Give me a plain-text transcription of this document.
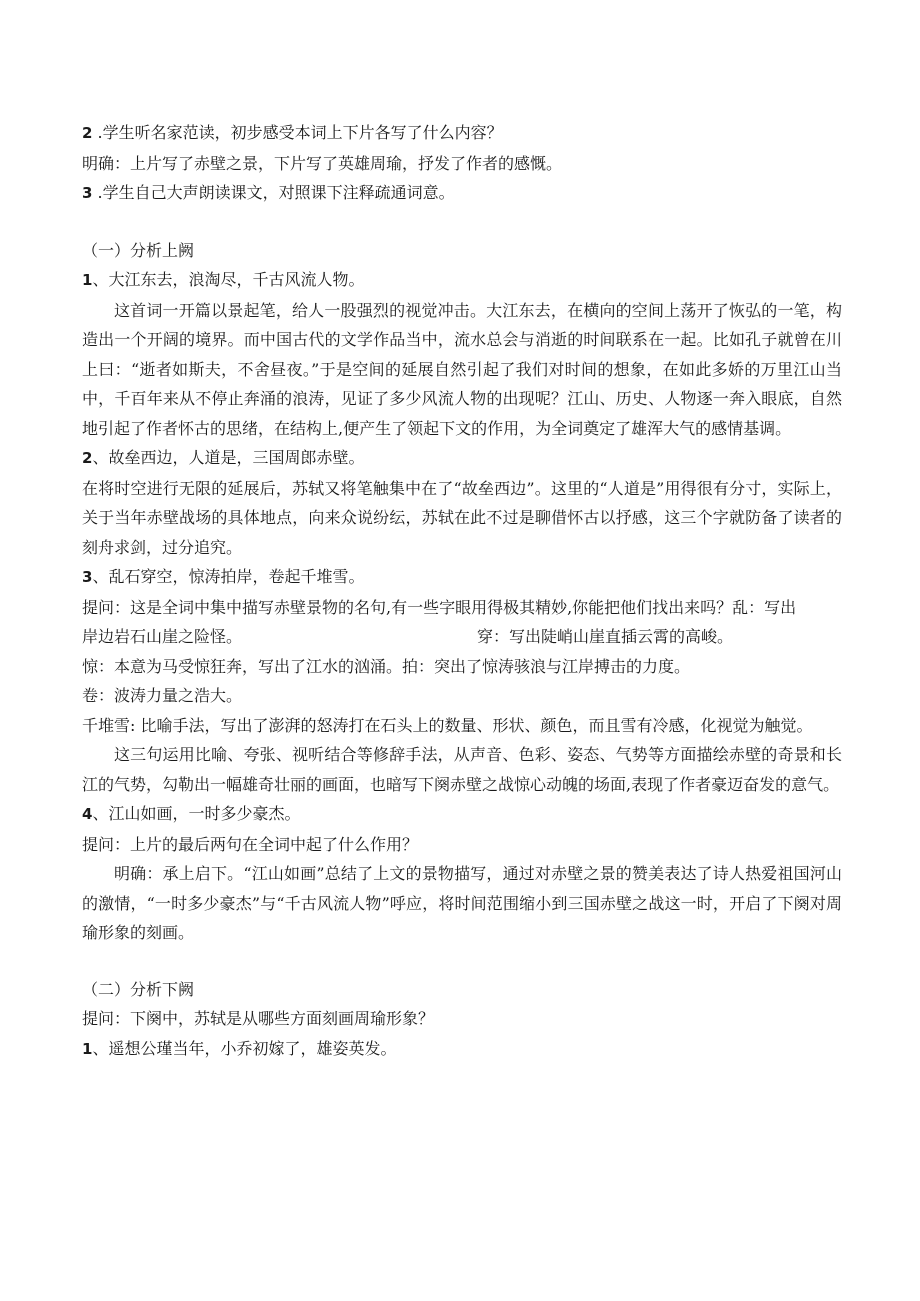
2 .学生听名家范读，初步感受本词上下片各写了什么内容？

明确：上片写了赤壁之景，下片写了英雄周瑜，抒发了作者的感慨。

3 .学生自己大声朗读课文，对照课下注释疏通词意。

（一）分析上阙

1、大江东去，浪淘尽，千古风流人物。

这首词一开篇以景起笔，给人一股强烈的视觉冲击。大江东去，在横向的空间上荡开了恢弘的一笔，构造出一个开阔的境界。而中国古代的文学作品当中，流水总会与消逝的时间联系在一起。比如孔子就曾在川上曰：“逝者如斯夫，不舍昼夜。”于是空间的延展自然引起了我们对时间的想象，在如此多娇的万里江山当中，千百年来从不停止奔涌的浪涛，见证了多少风流人物的出现呢？江山、历史、人物逐一奔入眼底，自然地引起了作者怀古的思绪，在结构上,便产生了领起下文的作用，为全词奠定了雄浑大气的感情基调。

2、故垒西边，人道是，三国周郎赤壁。

在将时空进行无限的延展后，苏轼又将笔触集中在了“故垒西边”。这里的“人道是”用得很有分寸，实际上，关于当年赤壁战场的具体地点，向来众说纷纭，苏轼在此不过是聊借怀古以抒感，这三个字就防备了读者的刻舟求剑，过分追究。

3、乱石穿空，惊涛拍岸，卷起千堆雪。

提问：这是全词中集中描写赤壁景物的名句,有一些字眼用得极其精妙,你能把他们找出来吗？乱：写出

岸边岩石山崖之险怪。	穿：写出陡峭山崖直插云霄的高峻。

惊：本意为马受惊狂奔，写出了江水的汹涌。拍：突出了惊涛骇浪与江岸搏击的力度。

卷：波涛力量之浩大。

千堆雪: 比喻手法，写出了澎湃的怒涛打在石头上的数量、形状、颜色，而且雪有冷感，化视觉为触觉。

这三句运用比喻、夸张、视听结合等修辞手法，从声音、色彩、姿态、气势等方面描绘赤壁的奇景和长江的气势，勾勒出一幅雄奇壮丽的画面，也暗写下阕赤壁之战惊心动魄的场面,表现了作者豪迈奋发的意气。

4、江山如画，一时多少豪杰。

提问：上片的最后两句在全词中起了什么作用？

明确：承上启下。“江山如画”总结了上文的景物描写，通过对赤壁之景的赞美表达了诗人热爱祖国河山的激情，“一时多少豪杰”与“千古风流人物”呼应，将时间范围缩小到三国赤壁之战这一时，开启了下阕对周瑜形象的刻画。

（二）分析下阙

提问：下阕中，苏轼是从哪些方面刻画周瑜形象？

1、遥想公瑾当年，小乔初嫁了，雄姿英发。
